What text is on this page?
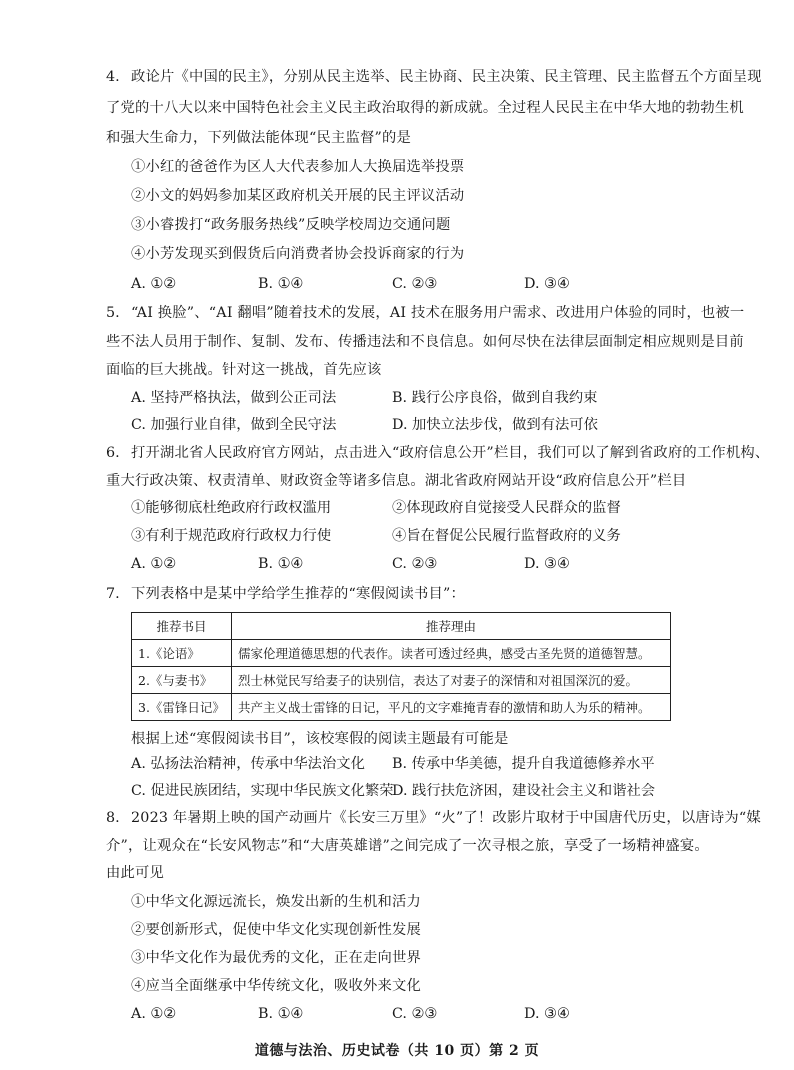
4. 政论片《中国的民主》，分别从民主选举、民主协商、民主决策、民主管理、民主监督五个方面呈现
了党的十八大以来中国特色社会主义民主政治取得的新成就。全过程人民民主在中华大地的勃勃生机
和强大生命力，下列做法能体现“民主监督”的是
①小红的爸爸作为区人大代表参加人大换届选举投票
②小文的妈妈参加某区政府机关开展的民主评议活动
③小睿拨打“政务服务热线”反映学校周边交通问题
④小芳发现买到假货后向消费者协会投诉商家的行为
A. ①②	B. ①④	C. ②③	D. ③④
5. “AI 换脸”、“AI 翻唱”随着技术的发展，AI 技术在服务用户需求、改进用户体验的同时，也被一
些不法人员用于制作、复制、发布、传播违法和不良信息。如何尽快在法律层面制定相应规则是目前
面临的巨大挑战。针对这一挑战，首先应该
A. 坚持严格执法，做到公正司法	B. 践行公序良俗，做到自我约束
C. 加强行业自律，做到全民守法	D. 加快立法步伐，做到有法可依
6. 打开湖北省人民政府官方网站，点击进入“政府信息公开”栏目，我们可以了解到省政府的工作机构、
重大行政决策、权责清单、财政资金等诸多信息。湖北省政府网站开设“政府信息公开”栏目
①能够彻底杜绝政府行政权滥用	②体现政府自觉接受人民群众的监督
③有利于规范政府行政权力行使	④旨在督促公民履行监督政府的义务
A. ①②	B. ①④	C. ②③	D. ③④
7. 下列表格中是某中学给学生推荐的“寒假阅读书目”：
推荐书目	推荐理由
1.《论语》	儒家伦理道德思想的代表作。读者可透过经典，感受古圣先贤的道德智慧。
2.《与妻书》	烈士林觉民写给妻子的诀别信，表达了对妻子的深情和对祖国深沉的爱。
3.《雷锋日记》	共产主义战士雷锋的日记，平凡的文字难掩青春的激情和助人为乐的精神。
根据上述“寒假阅读书目”，该校寒假的阅读主题最有可能是
A. 弘扬法治精神，传承中华法治文化 B. 传承中华美德，提升自我道德修养水平
C. 促进民族团结，实现中华民族文化繁荣
D. 践行扶危济困，建设社会主义和谐社会
8. 2023 年暑期上映的国产动画片《长安三万里》“火”了！改影片取材于中国唐代历史，以唐诗为“媒
介”，让观众在“长安风物志”和“大唐英雄谱”之间完成了一次寻根之旅，享受了一场精神盛宴。
由此可见
①中华文化源远流长，焕发出新的生机和活力
②要创新形式，促使中华文化实现创新性发展
③中华文化作为最优秀的文化，正在走向世界
④应当全面继承中华传统文化，吸收外来文化
A. ①②	B. ①④	C. ②③	D. ③④
道德与法治、历史试卷（共 10 页）第 2 页
